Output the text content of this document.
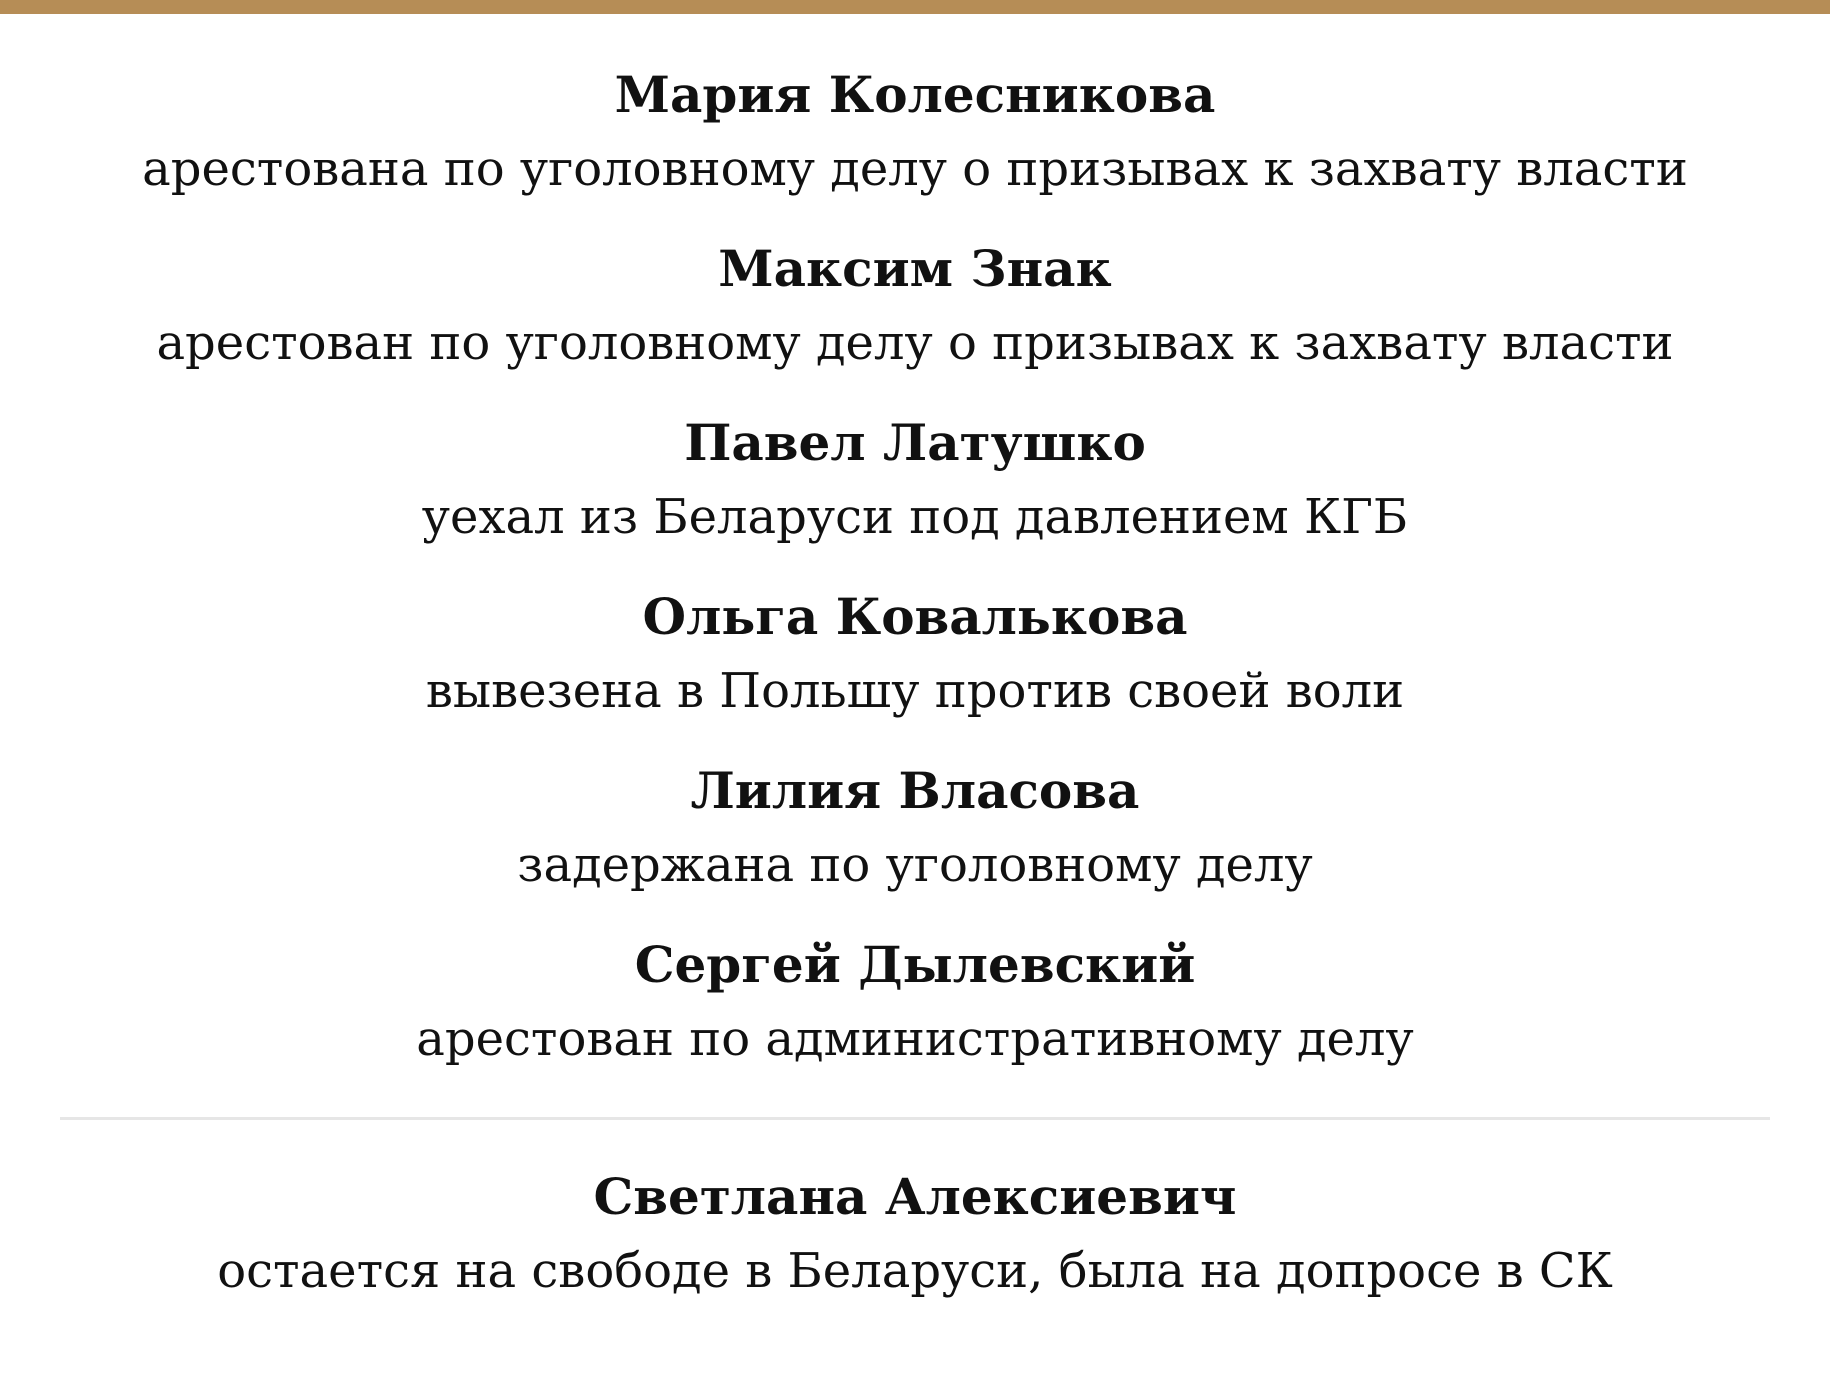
Мария Колесникова
арестована по уголовному делу о призывах к захвату власти
Максим Знак
арестован по уголовному делу о призывах к захвату власти
Павел Латушко
уехал из Беларуси под давлением КГБ
Ольга Ковалькова
вывезена в Польшу против своей воли
Лилия Власова
задержана по уголовному делу
Сергей Дылевский
арестован по административному делу
Светлана Алексиевич
остается на свободе в Беларуси, была на допросе в СК
